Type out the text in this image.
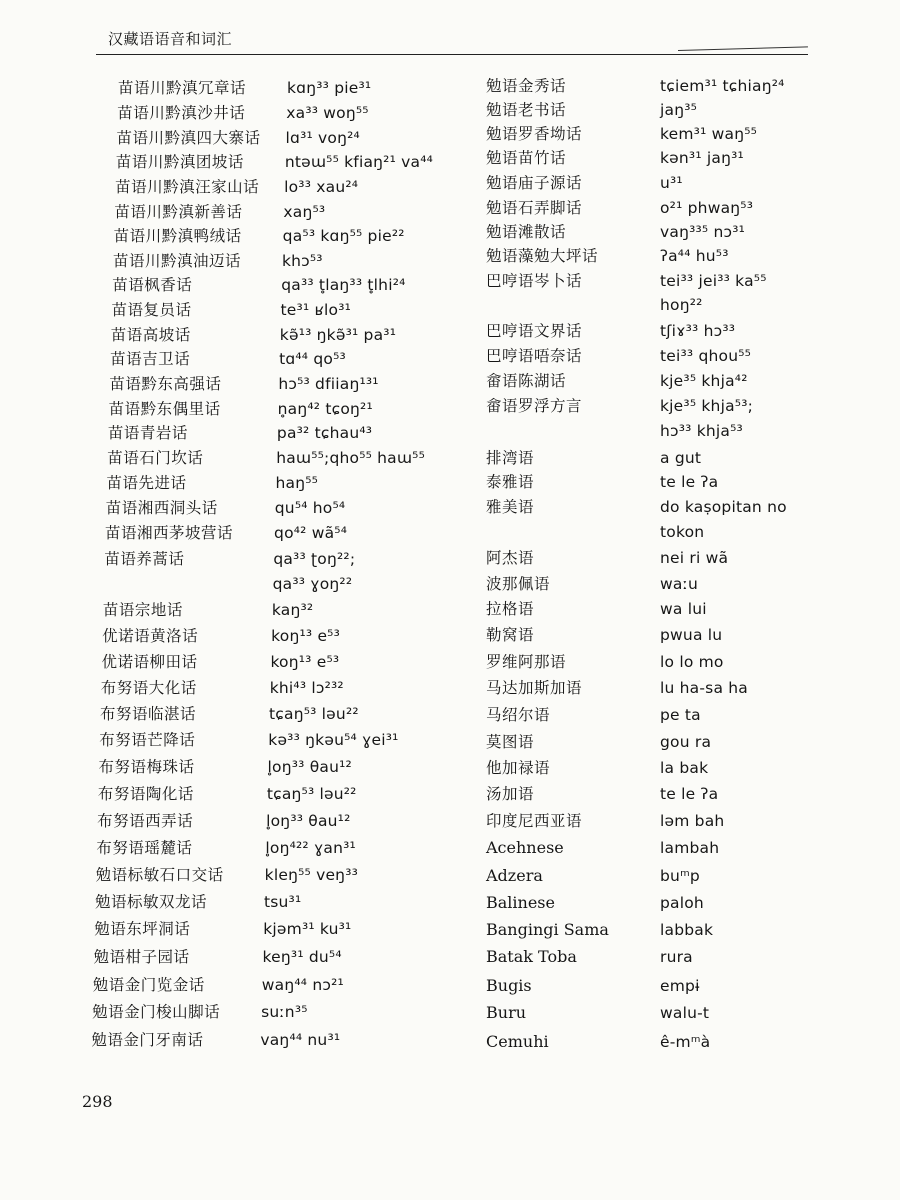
汉藏语语音和词汇
苗语川黔滇冗章话	kɑŋ³³ pie³¹
苗语川黔滇沙井话	xa³³ woŋ⁵⁵
苗语川黔滇四大寨话 lɑ³¹ voŋ²⁴
苗语川黔滇团坡话	ntəɯ⁵⁵ kfiaŋ²¹ va⁴⁴
苗语川黔滇汪家山话 lo³³ xau²⁴
苗语川黔滇新善话	xaŋ⁵³
苗语川黔滇鸭绒话	qa⁵³ kɑŋ⁵⁵ pie²²
苗语川黔滇油迈话	khɔ⁵³
苗语枫香话	qa³³ t̥laŋ³³ t̥lhi²⁴
苗语复员话	te³¹ ʁlo³¹
苗语高坡话	kə̃¹³ ŋkə̃³¹ pa³¹
苗语吉卫话	tɑ⁴⁴ qo⁵³
苗语黔东高强话	hɔ⁵³ dfiiaŋ¹³¹
苗语黔东偶里话	n̥aŋ⁴² tɕoŋ²¹
苗语青岩话	pa³² tɕhau⁴³
苗语石门坎话	haɯ⁵⁵;qho⁵⁵ haɯ⁵⁵
苗语先进话	haŋ⁵⁵
苗语湘西洞头话	qu⁵⁴ ho⁵⁴
苗语湘西茅坡营话	qo⁴² wã⁵⁴
苗语养蒿话	qa³³ ʈoŋ²²;
qa³³ ɣoŋ²²
苗语宗地话	kaŋ³²
优诺语黄洛话	koŋ¹³ e⁵³
优诺语柳田话	koŋ¹³ e⁵³
布努语大化话	khi⁴³ lɔ²³²
布努语临湛话	tɕaŋ⁵³ ləu²²
布努语芒降话	kə³³ ŋkəu⁵⁴ ɣei³¹
布努语梅珠话	l̥oŋ³³ θau¹²
布努语陶化话	tɕaŋ⁵³ ləu²²
布努语西弄话	l̥oŋ³³ θau¹²
布努语瑶麓话	l̥oŋ⁴²² ɣan³¹
勉语标敏石口交话	kleŋ⁵⁵ veŋ³³
勉语标敏双龙话	tsu³¹
勉语东坪洞话	kjəm³¹ ku³¹
勉语柑子园话	keŋ³¹ du⁵⁴
勉语金门览金话	waŋ⁴⁴ nɔ²¹
勉语金门梭山脚话	suːn³⁵
勉语金门牙南话	vaŋ⁴⁴ nu³¹
勉语金秀话	tɕiem³¹ tɕhiaŋ²⁴
勉语老书话	jaŋ³⁵
勉语罗香坳话	kem³¹ waŋ⁵⁵
勉语苗竹话	kən³¹ jaŋ³¹
勉语庙子源话	u³¹
勉语石弄脚话	o²¹ phwaŋ⁵³
勉语滩散话	vaŋ³³⁵ nɔ³¹
勉语藻勉大坪话	ʔa⁴⁴ hu⁵³
巴哼语岑卜话	tei³³ jei³³ ka⁵⁵
hoŋ²²
巴哼语文界话	tʃiɤ³³ hɔ³³
巴哼语唔奈话	tei³³ qhou⁵⁵
畲语陈湖话	kje³⁵ khja⁴²
畲语罗浮方言	kje³⁵ khja⁵³;
hɔ³³ khja⁵³
排湾语	a gut
泰雅语	te le ʔa
雅美语	do kaṣopitan no
tokon
阿杰语	nei ri wã
波那佩语	waːu
拉格语	wa lui
勒窝语	pwua lu
罗维阿那语	lo lo mo
马达加斯加语	lu ha-sa ha
马绍尔语	pe ta
莫图语	gou ra
他加禄语	la bak
汤加语	te le ʔa
印度尼西亚语	ləm bah
Acehnese	lambah
Adzera	buᵐp
Balinese	paloh
Bangingi Sama	labbak
Batak Toba	rura
Bugis	empɨ
Buru	walu-t
Cemuhi	ê-mᵐà
298
